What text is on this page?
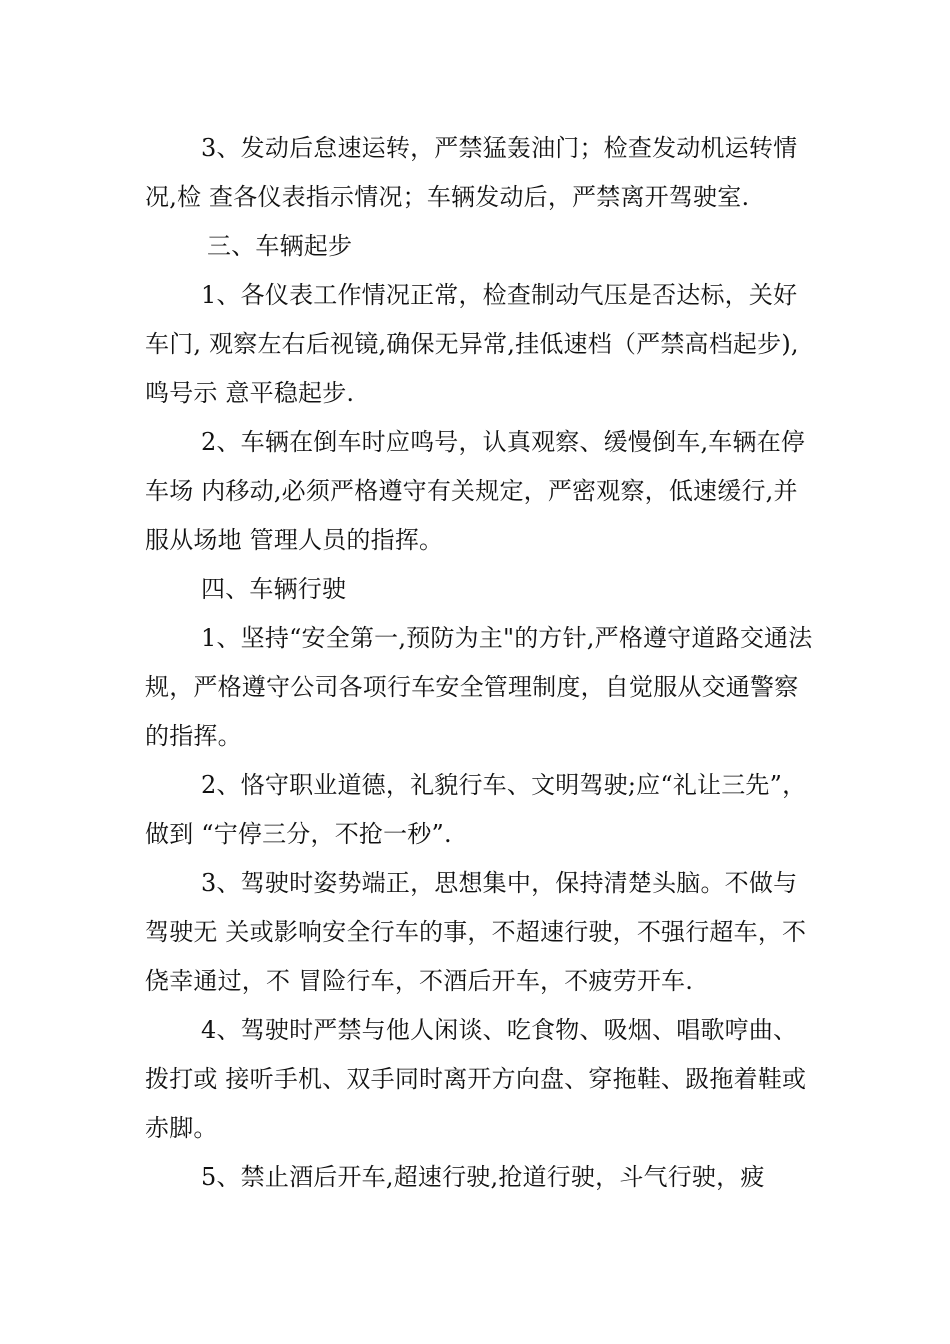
3、发动后怠速运转，严禁猛轰油门；检查发动机运转情况,检 查各仪表指示情况；车辆发动后，严禁离开驾驶室.

三、车辆起步

1、各仪表工作情况正常，检查制动气压是否达标，关好车门, 观察左右后视镜,确保无异常,挂低速档（严禁高档起步),鸣号示 意平稳起步.

2、车辆在倒车时应鸣号，认真观察、缓慢倒车,车辆在停车场 内移动,必须严格遵守有关规定，严密观察，低速缓行,并服从场地 管理人员的指挥。

四、车辆行驶

1、坚持“安全第一,预防为主"的方针,严格遵守道路交通法 规，严格遵守公司各项行车安全管理制度，自觉服从交通警察的指挥。

2、恪守职业道德，礼貌行车、文明驾驶;应“礼让三先”，做到 “宁停三分，不抢一秒”.

3、驾驶时姿势端正，思想集中，保持清楚头脑。不做与驾驶无 关或影响安全行车的事，不超速行驶，不强行超车，不侥幸通过，不 冒险行车，不酒后开车，不疲劳开车.

4、驾驶时严禁与他人闲谈、吃食物、吸烟、唱歌哼曲、拨打或 接听手机、双手同时离开方向盘、穿拖鞋、趿拖着鞋或赤脚。

5、禁止酒后开车,超速行驶,抢道行驶，斗气行驶，疲
